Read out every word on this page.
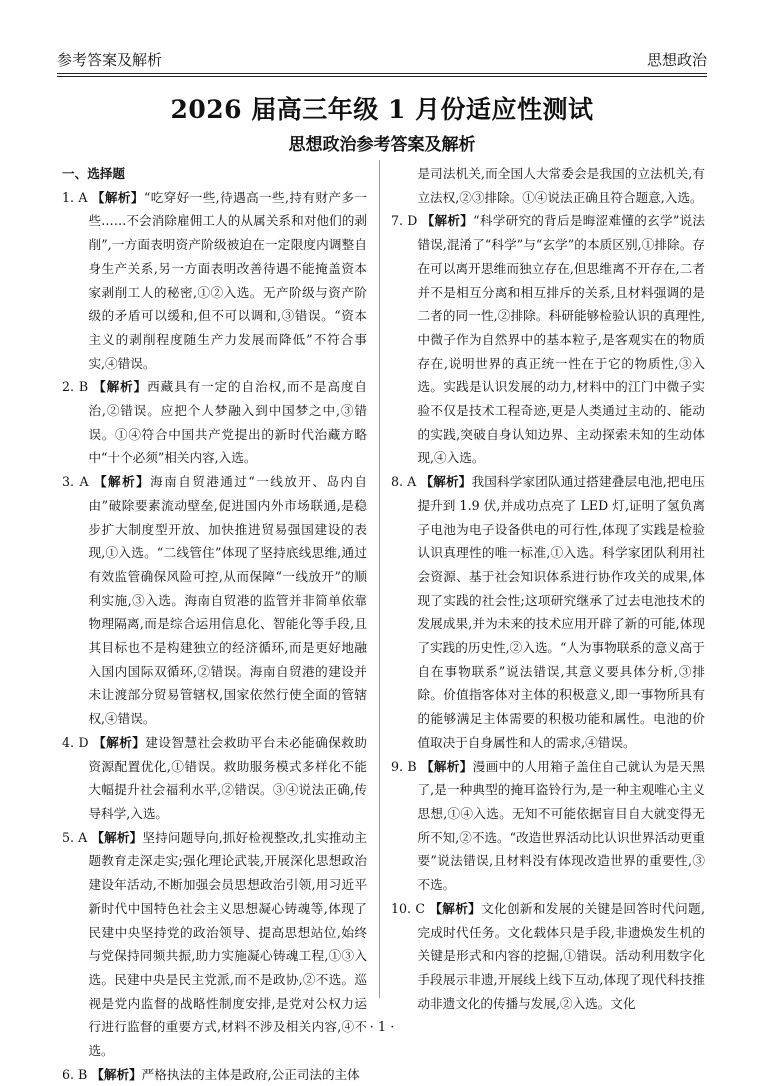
参考答案及解析	思想政治
2026 届高三年级 1 月份适应性测试
思想政治参考答案及解析

一、选择题

1. A 【解析】“吃穿好一些,待遇高一些,持有财产多一些……不会消除雇佣工人的从属关系和对他们的剥削”,一方面表明资产阶级被迫在一定限度内调整自身生产关系,另一方面表明改善待遇不能掩盖资本家剥削工人的秘密,①②入选。无产阶级与资产阶级的矛盾可以缓和,但不可以调和,③错误。“资本主义的剥削程度随生产力发展而降低”不符合事实,④错误。

2. B 【解析】西藏具有一定的自治权,而不是高度自治,②错误。应把个人梦融入到中国梦之中,③错误。①④符合中国共产党提出的新时代治藏方略中“十个必须”相关内容,入选。

3. A 【解析】海南自贸港通过“一线放开、岛内自由”破除要素流动壁垒,促进国内外市场联通,是稳步扩大制度型开放、加快推进贸易强国建设的表现,①入选。“二线管住”体现了坚持底线思维,通过有效监管确保风险可控,从而保障“一线放开”的顺利实施,③入选。海南自贸港的监管并非简单依靠物理隔离,而是综合运用信息化、智能化等手段,且其目标也不是构建独立的经济循环,而是更好地融入国内国际双循环,②错误。海南自贸港的建设并未让渡部分贸易管辖权,国家依然行使全面的管辖权,④错误。

4. D 【解析】建设智慧社会救助平台未必能确保救助资源配置优化,①错误。救助服务模式多样化不能大幅提升社会福利水平,②错误。③④说法正确,传导科学,入选。

5. A 【解析】坚持问题导向,抓好检视整改,扎实推动主题教育走深走实;强化理论武装,开展深化思想政治建设年活动,不断加强会员思想政治引领,用习近平新时代中国特色社会主义思想凝心铸魂等,体现了民建中央坚持党的政治领导、提高思想站位,始终与党保持同频共振,助力实施凝心铸魂工程,①③入选。民建中央是民主党派,而不是政协,②不选。巡视是党内监督的战略性制度安排,是党对公权力运行进行监督的重要方式,材料不涉及相关内容,④不选。

6. B 【解析】严格执法的主体是政府,公正司法的主体

是司法机关,而全国人大常委会是我国的立法机关,有立法权,②③排除。①④说法正确且符合题意,入选。

7. D 【解析】“科学研究的背后是晦涩难懂的玄学”说法错误,混淆了“科学”与“玄学”的本质区别,①排除。存在可以离开思维而独立存在,但思维离不开存在,二者并不是相互分离和相互排斥的关系,且材料强调的是二者的同一性,②排除。科研能够检验认识的真理性,中微子作为自然界中的基本粒子,是客观实在的物质存在,说明世界的真正统一性在于它的物质性,③入选。实践是认识发展的动力,材料中的江门中微子实验不仅是技术工程奇迹,更是人类通过主动的、能动的实践,突破自身认知边界、主动探索未知的生动体现,④入选。

8. A 【解析】我国科学家团队通过搭建叠层电池,把电压提升到 1.9 伏,并成功点亮了 LED 灯,证明了氢负离子电池为电子设备供电的可行性,体现了实践是检验认识真理性的唯一标准,①入选。科学家团队利用社会资源、基于社会知识体系进行协作攻关的成果,体现了实践的社会性;这项研究继承了过去电池技术的发展成果,并为未来的技术应用开辟了新的可能,体现了实践的历史性,②入选。“人为事物联系的意义高于自在事物联系”说法错误,其意义要具体分析,③排除。价值指客体对主体的积极意义,即一事物所具有的能够满足主体需要的积极功能和属性。电池的价值取决于自身属性和人的需求,④错误。

9. B 【解析】漫画中的人用箱子盖住自己就认为是天黑了,是一种典型的掩耳盗铃行为,是一种主观唯心主义思想,①④入选。无知不可能依据盲目自大就变得无所不知,②不选。“改造世界活动比认识世界活动更重要”说法错误,且材料没有体现改造世界的重要性,③不选。

10. C 【解析】文化创新和发展的关键是回答时代问题,完成时代任务。文化载体只是手段,非遗焕发生机的关键是形式和内容的挖掘,①错误。活动利用数字化手段展示非遗,开展线上线下互动,体现了现代科技推动非遗文化的传播与发展,②入选。文化

· 1 ·
